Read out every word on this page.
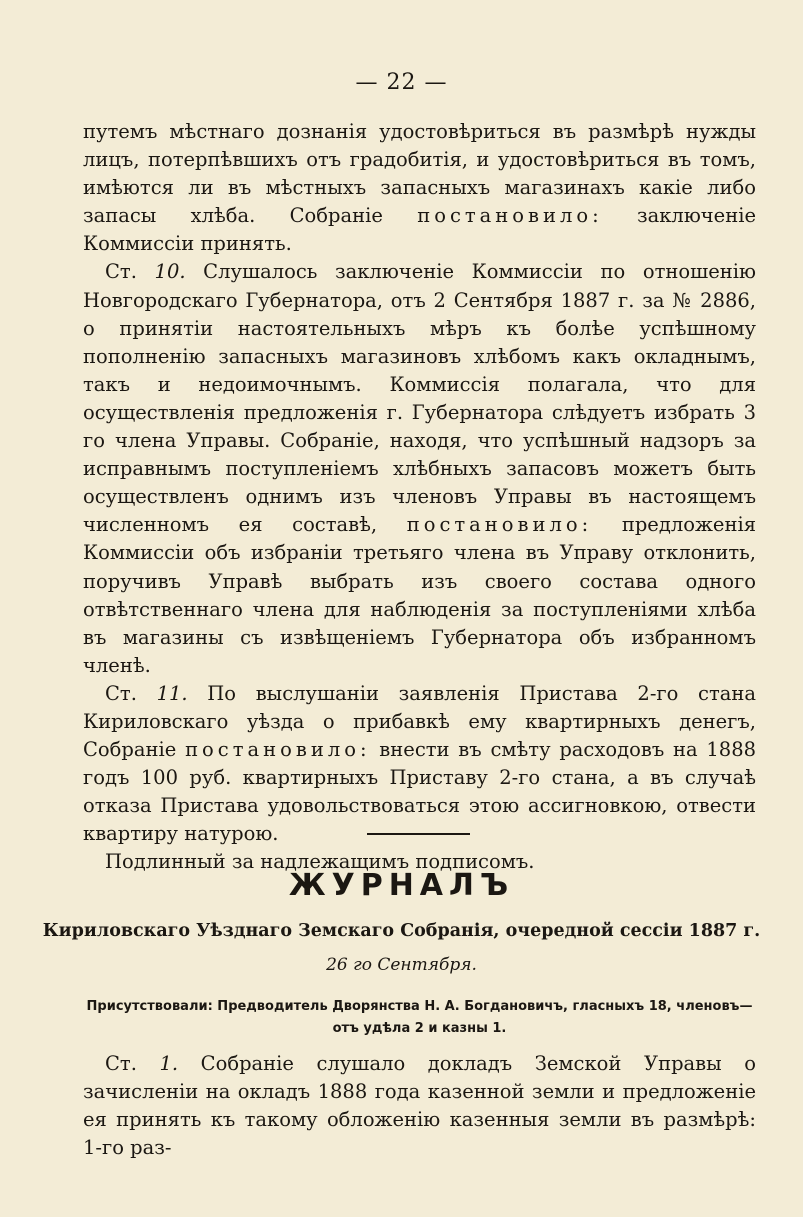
— 22 —

путемъ мѣстнаго дознанія удостовѣриться въ размѣрѣ нужды лицъ, потерпѣвшихъ отъ градобитія, и удостовѣриться въ томъ, имѣются ли въ мѣстныхъ запасныхъ магазинахъ какіе либо запасы хлѣба. Собраніе постановило: заключеніе Коммиссіи принять.

Ст. 10. Слушалось заключеніе Коммиссіи по отношенію Новгородскаго Губернатора, отъ 2 Сентября 1887 г. за № 2886, о принятіи настоятельныхъ мѣръ къ болѣе успѣшному пополненію запасныхъ магазиновъ хлѣбомъ какъ окладнымъ, такъ и недоимочнымъ. Коммиссія полагала, что для осуществленія предложенія г. Губернатора слѣдуетъ избрать 3 го члена Управы. Собраніе, находя, что успѣшный надзоръ за исправнымъ поступленіемъ хлѣбныхъ запасовъ можетъ быть осуществленъ однимъ изъ членовъ Управы въ настоящемъ численномъ ея составѣ, постановило: предложенія Коммиссіи объ избраніи третьяго члена въ Управу отклонить, поручивъ Управѣ выбрать изъ своего состава одного отвѣтственнаго члена для наблюденія за поступленіями хлѣба въ магазины съ извѣщеніемъ Губернатора объ избранномъ членѣ.

Ст. 11. По выслушаніи заявленія Пристава 2-го стана Кириловскаго уѣзда о прибавкѣ ему квартирныхъ денегъ, Собраніе постановило: внести въ смѣту расходовъ на 1888 годъ 100 руб. квартирныхъ Приставу 2-го стана, а въ случаѣ отказа Пристава удовольствоваться этою ассигновкою, отвести квартиру натурою.

Подлинный за надлежащимъ подписомъ.

ЖУРНАЛЪ
Кириловскаго Уѣзднаго Земскаго Собранія, очередной сессіи 1887 г.
26 го Сентября.
Присутствовали: Предводитель Дворянства Н. А. Богдановичъ, гласныхъ 18, членовъ—отъ удѣла 2 и казны 1.

Ст. 1. Собраніе слушало докладъ Земской Управы о зачисленіи на окладъ 1888 года казенной земли и предложеніе ея принять къ такому обложенію казенныя земли въ размѣрѣ: 1-го раз-
